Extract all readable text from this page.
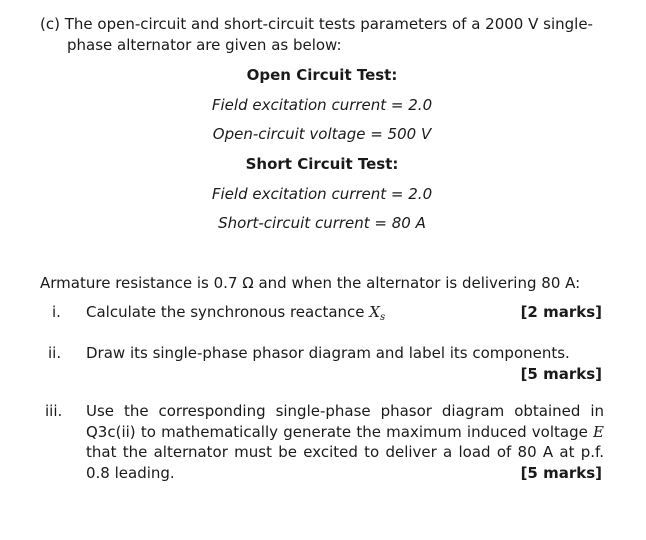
(c) The open-circuit and short-circuit tests parameters of a 2000 V single-
phase alternator are given as below:
Open Circuit Test:
Field excitation current = 2.0
Open-circuit voltage = 500 V
Short Circuit Test:
Field excitation current = 2.0
Short-circuit current = 80 A
Armature resistance is 0.7 Ω and when the alternator is delivering 80 A:
i. Calculate the synchronous reactance $X_s$	[2 marks]
ii. Draw its single-phase phasor diagram and label its components.
[5 marks]
iii. Use the corresponding single-phase phasor diagram obtained in Q3c(ii) to mathematically generate the maximum induced voltage E that the alternator must be excited to deliver a load of 80 A at p.f. 0.8 leading.	[5 marks]
